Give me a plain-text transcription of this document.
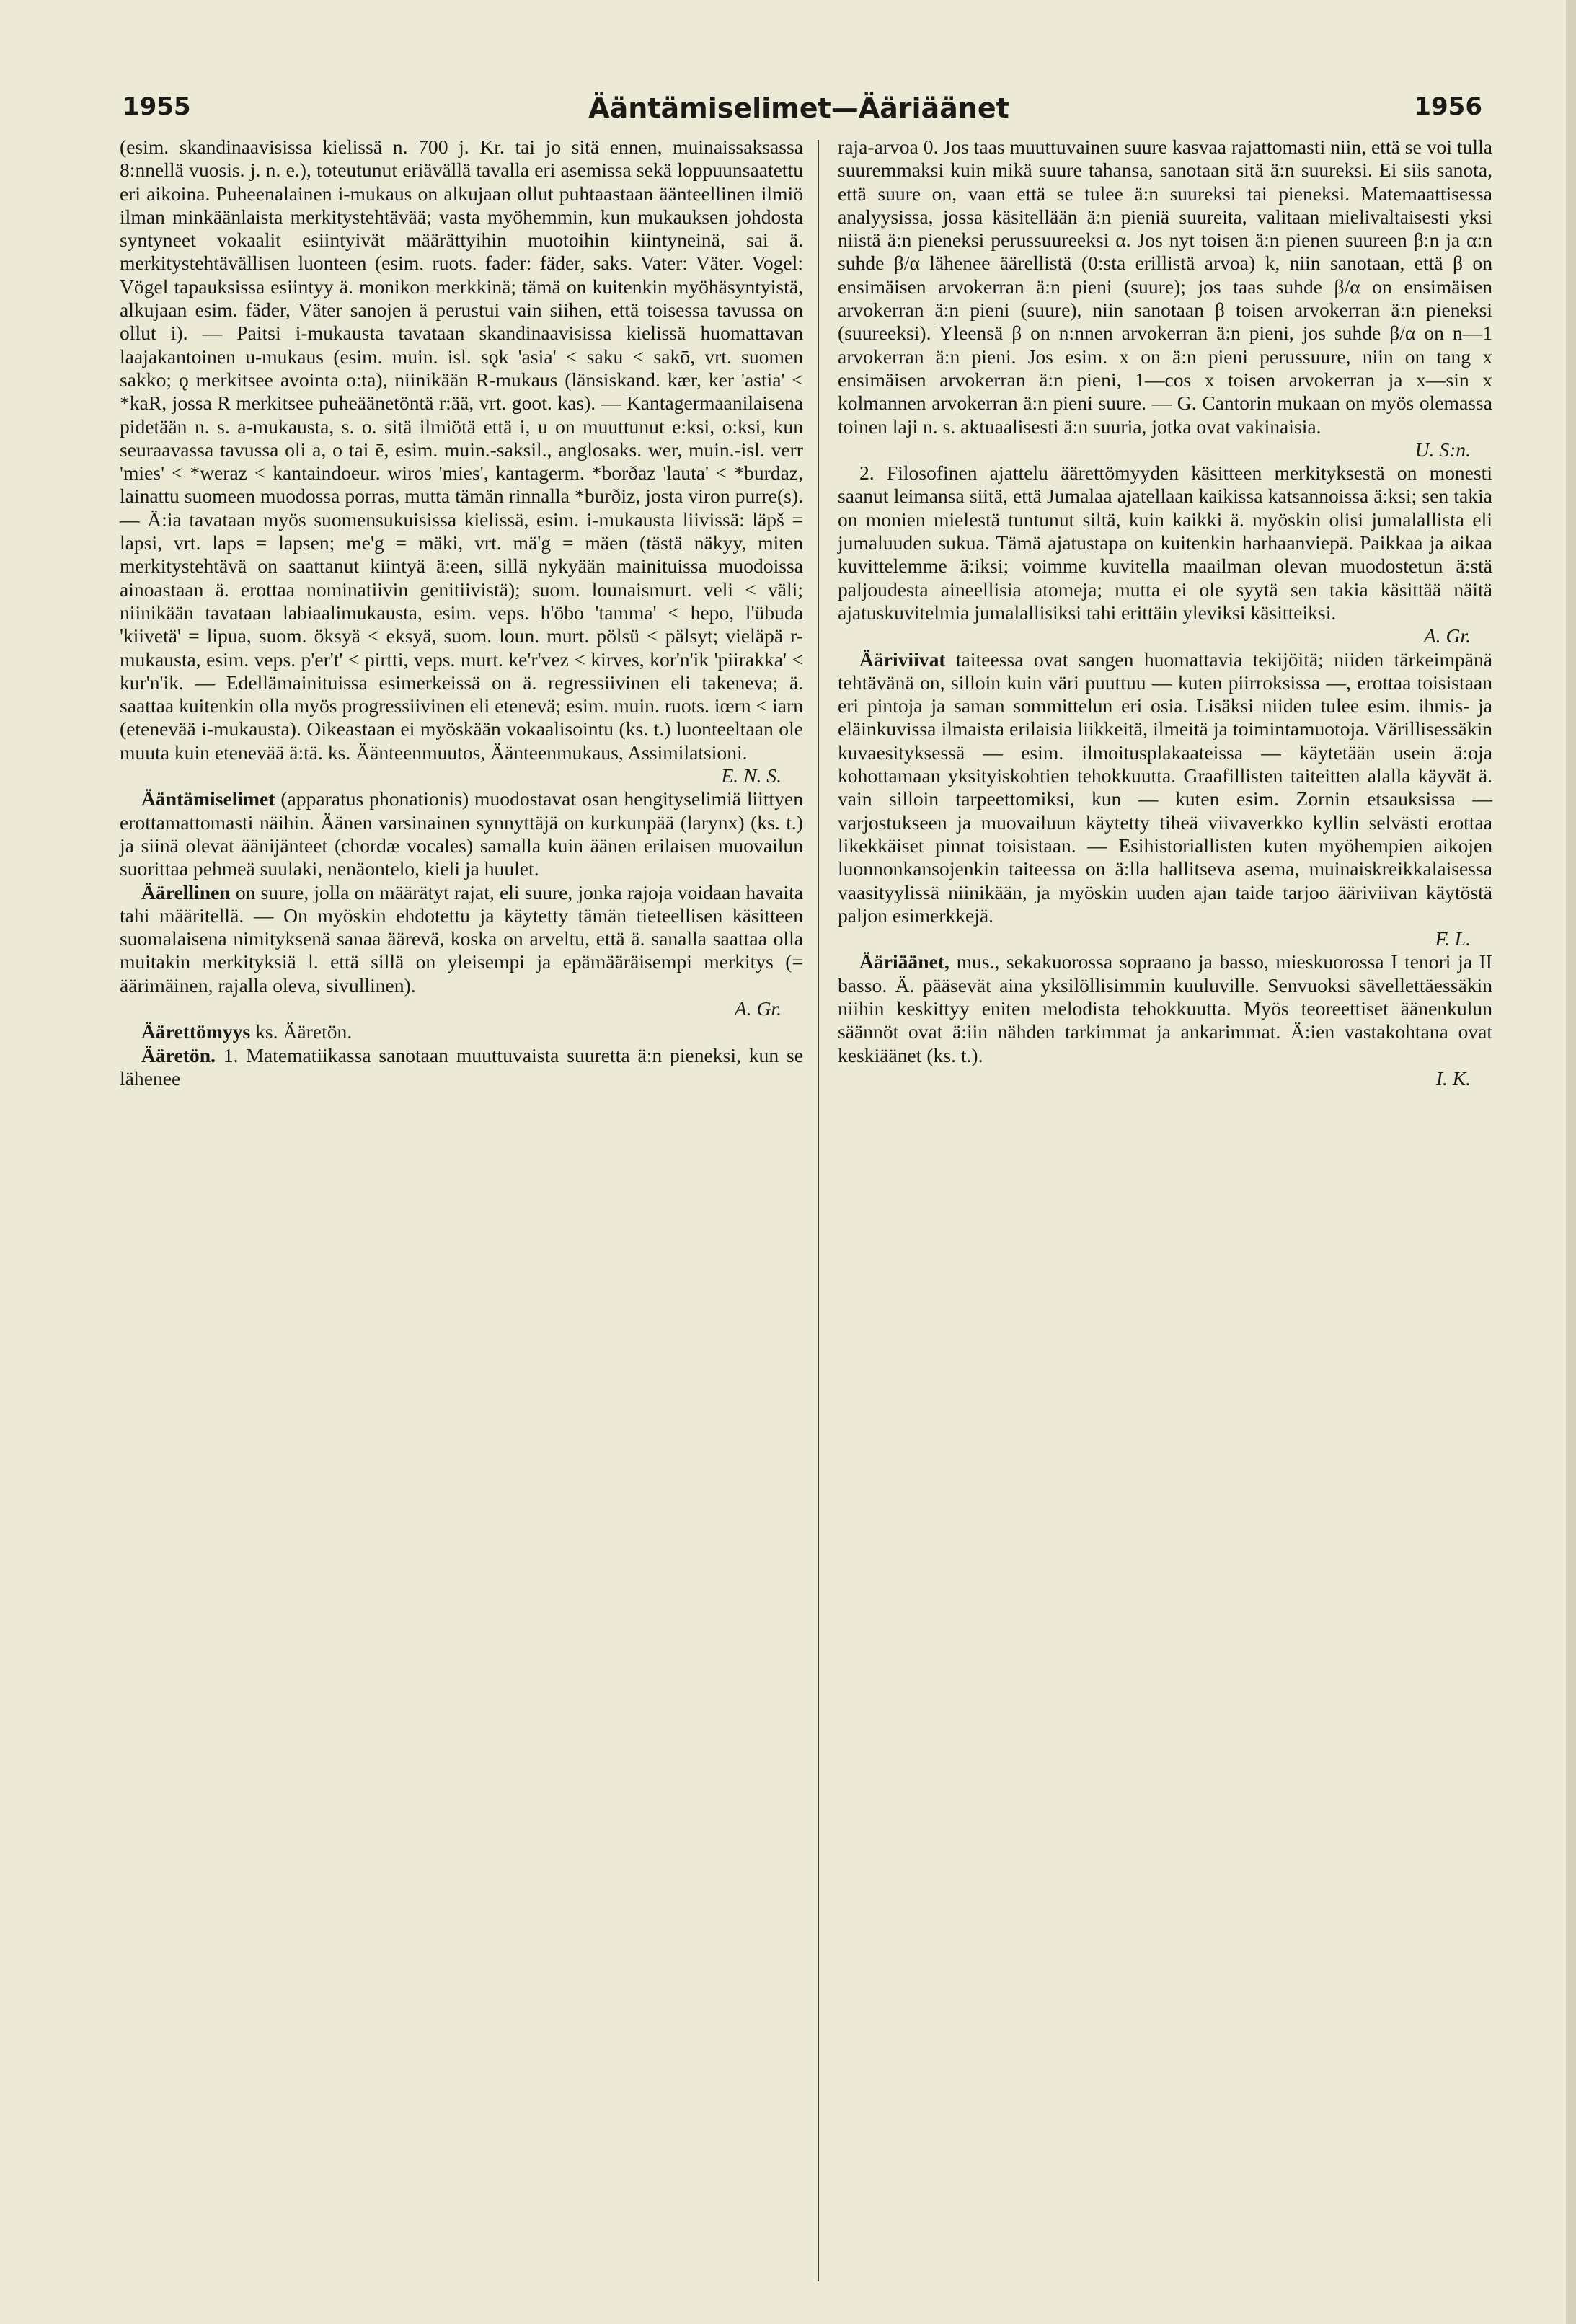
1955	Ääntämiselimet—Ääriäänet	1956

(esim. skandinaavisissa kielissä n. 700 j. Kr. tai jo sitä ennen, muinaissaksassa 8:nnellä vuosis. j. n. e.), toteutunut eriävällä tavalla eri asemissa sekä loppuunsaatettu eri aikoina. Puheenalainen i-mukaus on alkujaan ollut puhtaastaan äänteellinen ilmiö ilman minkäänlaista merkitystehtävää; vasta myöhemmin, kun mukauksen johdosta syntyneet vokaalit esiintyivät määrättyihin muotoihin kiintyneinä, sai ä. merkitystehtävällisen luonteen (esim. ruots. fader: fäder, saks. Vater: Väter. Vogel: Vögel tapauksissa esiintyy ä. monikon merkkinä; tämä on kuitenkin myöhäsyntyistä, alkujaan esim. fäder, Väter sanojen ä perustui vain siihen, että toisessa tavussa on ollut i). — Paitsi i-mukausta tavataan skandinaavisissa kielissä huomattavan laajakantoinen u-mukaus (esim. muin. isl. sǫk 'asia' < saku < sakō, vrt. suomen sakko; ǫ merkitsee avointa o:ta), niinikään R-mukaus (länsiskand. kær, ker 'astia' < *kaR, jossa R merkitsee puheäänetöntä r:ää, vrt. goot. kas). — Kantagermaanilaisena pidetään n. s. a-mukausta, s. o. sitä ilmiötä että i, u on muuttunut e:ksi, o:ksi, kun seuraavassa tavussa oli a, o tai ē, esim. muin.-saksil., anglosaks. wer, muin.-isl. verr 'mies' < *weraz < kantaindoeur. wiros 'mies', kantagerm. *borðaz 'lauta' < *burdaz, lainattu suomeen muodossa porras, mutta tämän rinnalla *burðiz, josta viron purre(s). — Ä:ia tavataan myös suomensukuisissa kielissä, esim. i-mukausta liivissä: läpš = lapsi, vrt. laps = lapsen; me'g = mäki, vrt. mä'g = mäen (tästä näkyy, miten merkitystehtävä on saattanut kiintyä ä:een, sillä nykyään mainituissa muodoissa ainoastaan ä. erottaa nominatiivin genitiivistä); suom. lounaismurt. veli < väli; niinikään tavataan labiaalimukausta, esim. veps. h'öbo 'tamma' < hepo, l'übuda 'kiivetä' = lipua, suom. öksyä < eksyä, suom. loun. murt. pölsü < pälsyt; vieläpä r-mukausta, esim. veps. p'er't' < pirtti, veps. murt. ke'r'vez < kirves, kor'n'ik 'piirakka' < kur'n'ik. — Edellämainituissa esimerkeissä on ä. regressiivinen eli takeneva; ä. saattaa kuitenkin olla myös progressiivinen eli etenevä; esim. muin. ruots. iœrn < iarn (etenevää i-mukausta). Oikeastaan ei myöskään vokaalisointu (ks. t.) luonteeltaan ole muuta kuin etenevää ä:tä. ks. Äänteenmuutos, Äänteenmukaus, Assimilatsioni.

E. N. S.

Ääntämiselimet (apparatus phonationis) muodostavat osan hengityselimiä liittyen erottamattomasti näihin. Äänen varsinainen synnyttäjä on kurkunpää (larynx) (ks. t.) ja siinä olevat äänijänteet (chordæ vocales) samalla kuin äänen erilaisen muovailun suorittaa pehmeä suulaki, nenäontelo, kieli ja huulet.

Äärellinen on suure, jolla on määrätyt rajat, eli suure, jonka rajoja voidaan havaita tahi määritellä. — On myöskin ehdotettu ja käytetty tämän tieteellisen käsitteen suomalaisena nimityksenä sanaa äärevä, koska on arveltu, että ä. sanalla saattaa olla muitakin merkityksiä l. että sillä on yleisempi ja epämääräisempi merkitys (= äärimäinen, rajalla oleva, sivullinen).

A. Gr.

Äärettömyys ks. Ääretön.

Ääretön. 1. Matematiikassa sanotaan muuttuvaista suuretta ä:n pieneksi, kun se lähenee

raja-arvoa 0. Jos taas muuttuvainen suure kasvaa rajattomasti niin, että se voi tulla suuremmaksi kuin mikä suure tahansa, sanotaan sitä ä:n suureksi. Ei siis sanota, että suure on, vaan että se tulee ä:n suureksi tai pieneksi. Matemaattisessa analyysissa, jossa käsitellään ä:n pieniä suureita, valitaan mielivaltaisesti yksi niistä ä:n pieneksi perussuureeksi α. Jos nyt toisen ä:n pienen suureen β:n ja α:n suhde β/α lähenee äärellistä (0:sta erillistä arvoa) k, niin sanotaan, että β on ensimäisen arvokerran ä:n pieni (suure); jos taas suhde β/α on ensimäisen arvokerran ä:n pieni (suure), niin sanotaan β toisen arvokerran ä:n pieneksi (suureeksi). Yleensä β on n:nnen arvokerran ä:n pieni, jos suhde β/α on n—1 arvokerran ä:n pieni. Jos esim. x on ä:n pieni perussuure, niin on tang x ensimäisen arvokerran ä:n pieni, 1—cos x toisen arvokerran ja x—sin x kolmannen arvokerran ä:n pieni suure. — G. Cantorin mukaan on myös olemassa toinen laji n. s. aktuaalisesti ä:n suuria, jotka ovat vakinaisia.

U. S:n.

2. Filosofinen ajattelu äärettömyyden käsitteen merkityksestä on monesti saanut leimansa siitä, että Jumalaa ajatellaan kaikissa katsannoissa ä:ksi; sen takia on monien mielestä tuntunut siltä, kuin kaikki ä. myöskin olisi jumalallista eli jumaluuden sukua. Tämä ajatustapa on kuitenkin harhaanviepä. Paikkaa ja aikaa kuvittelemme ä:iksi; voimme kuvitella maailman olevan muodostetun ä:stä paljoudesta aineellisia atomeja; mutta ei ole syytä sen takia käsittää näitä ajatuskuvitelmia jumalallisiksi tahi erittäin yleviksi käsitteiksi.

A. Gr.

Ääriviivat taiteessa ovat sangen huomattavia tekijöitä; niiden tärkeimpänä tehtävänä on, silloin kuin väri puuttuu — kuten piirroksissa —, erottaa toisistaan eri pintoja ja saman sommittelun eri osia. Lisäksi niiden tulee esim. ihmis- ja eläinkuvissa ilmaista erilaisia liikkeitä, ilmeitä ja toimintamuotoja. Värillisessäkin kuvaesityksessä — esim. ilmoitusplakaateissa — käytetään usein ä:oja kohottamaan yksityiskohtien tehokkuutta. Graafillisten taiteitten alalla käyvät ä. vain silloin tarpeettomiksi, kun — kuten esim. Zornin etsauksissa — varjostukseen ja muovailuun käytetty tiheä viivaverkko kyllin selvästi erottaa likekkäiset pinnat toisistaan. — Esihistoriallisten kuten myöhempien aikojen luonnonkansojenkin taiteessa on ä:lla hallitseva asema, muinaiskreikkalaisessa vaasityylissä niinikään, ja myöskin uuden ajan taide tarjoo ääriviivan käytöstä paljon esimerkkejä.

F. L.

Ääriäänet, mus., sekakuorossa sopraano ja basso, mieskuorossa I tenori ja II basso. Ä. pääsevät aina yksilöllisimmin kuuluville. Senvuoksi sävellettäessäkin niihin keskittyy eniten melodista tehokkuutta. Myös teoreettiset äänenkulun säännöt ovat ä:iin nähden tarkimmat ja ankarimmat. Ä:ien vastakohtana ovat keskiäänet (ks. t.).

I. K.
